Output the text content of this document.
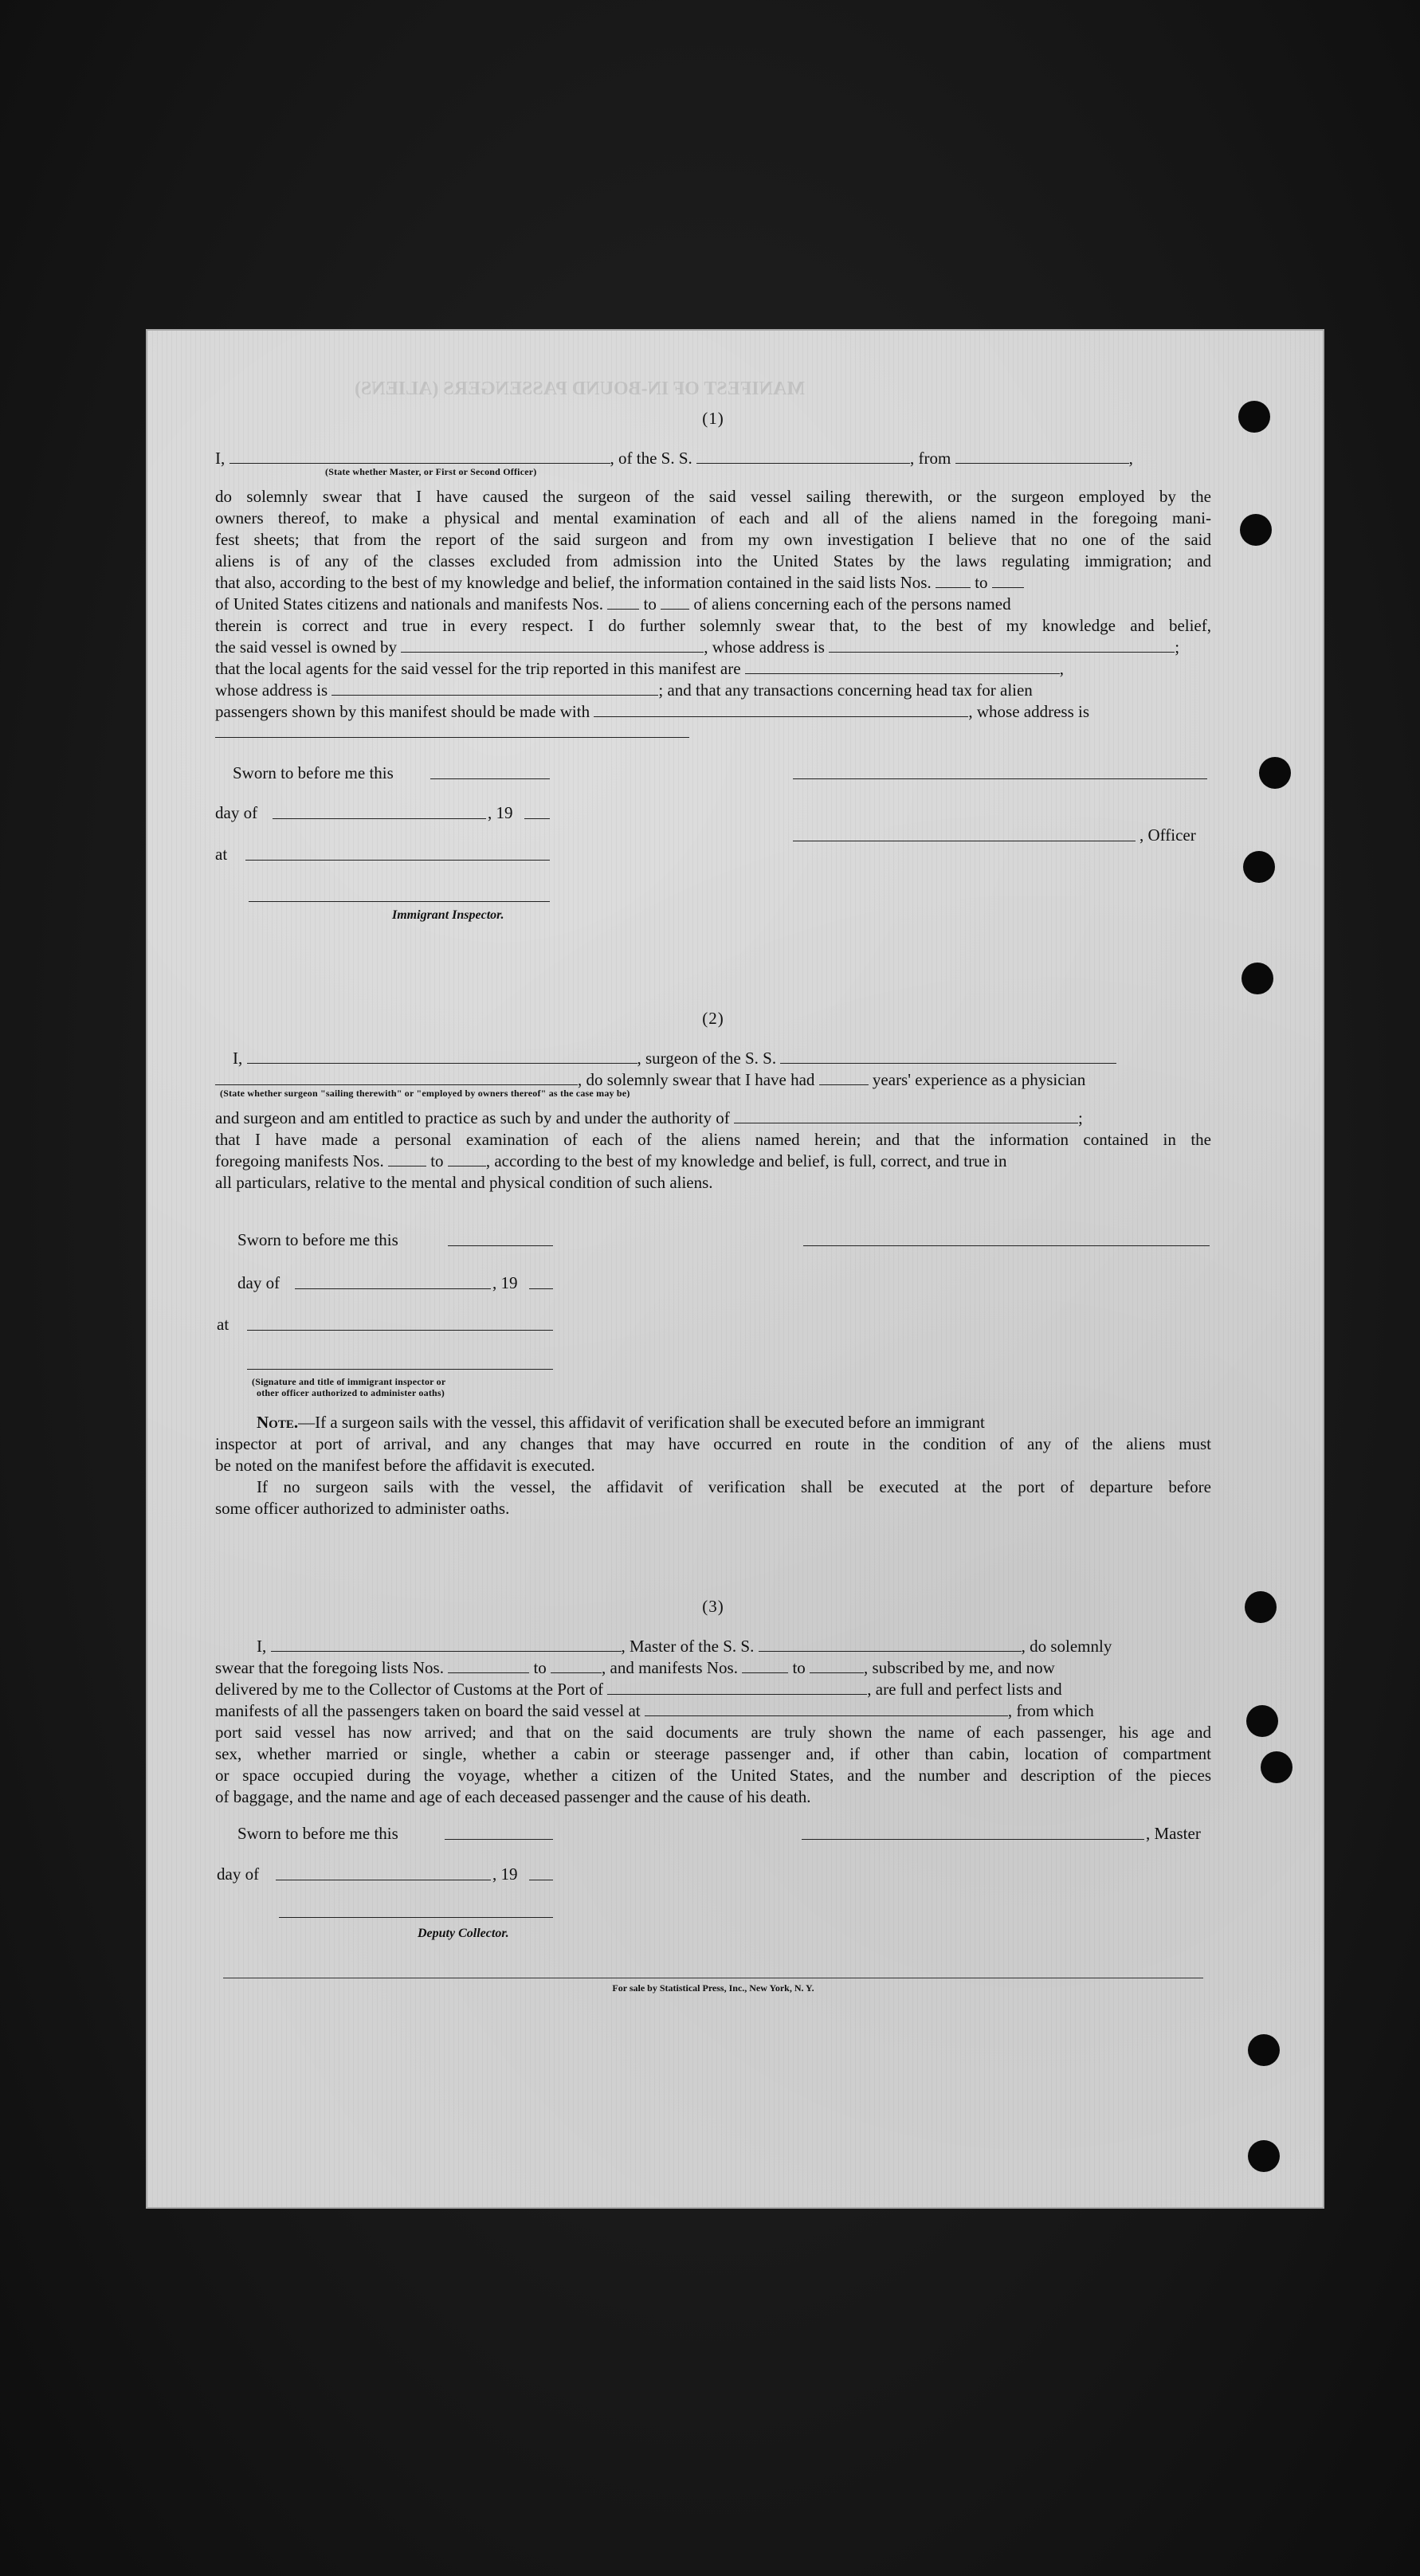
MANIFEST OF IN-BOUND PASSENGERS (ALIENS)
(1)
I,	, of the S. S.	, from	,
(State whether Master, or First or Second Officer)
do solemnly swear that I have caused the surgeon of the said vessel sailing therewith, or the surgeon employed by the
owners thereof, to make a physical and mental examination of each and all of the aliens named in the foregoing mani-
fest sheets; that from the report of the said surgeon and from my own investigation I believe that no one of the said
aliens is of any of the classes excluded from admission into the United States by the laws regulating immigration; and
that also, according to the best of my knowledge and belief, the information contained in the said lists Nos.	to
of United States citizens and nationals and manifests Nos. to of aliens concerning each of the persons named
therein is correct and true in every respect. I do further solemnly swear that, to the best of my knowledge and belief,
the said vessel is owned by	, whose address is	;
that the local agents for the said vessel for the trip reported in this manifest are	,
whose address is	; and that any transactions concerning head tax for alien
passengers shown by this manifest should be made with	, whose address is
Sworn to before me this
day of	, 19
at
Immigrant Inspector.
, Officer
(2)
I,	, surgeon of the S. S.
, do solemnly swear that I have had	years' experience as a physician
(State whether surgeon "sailing therewith" or "employed by owners thereof" as the case may be)
and surgeon and am entitled to practice as such by and under the authority of	;
that I have made a personal examination of each of the aliens named herein; and that the information contained in the
foregoing manifests Nos.	to	, according to the best of my knowledge and belief, is full, correct, and true in
all particulars, relative to the mental and physical condition of such aliens.
Sworn to before me this
day of	, 19
at
(Signature and title of immigrant inspector or
other officer authorized to administer oaths)
Note.—If a surgeon sails with the vessel, this affidavit of verification shall be executed before an immigrant
inspector at port of arrival, and any changes that may have occurred en route in the condition of any of the aliens must
be noted on the manifest before the affidavit is executed.
If no surgeon sails with the vessel, the affidavit of verification shall be executed at the port of departure before
some officer authorized to administer oaths.
(3)
I,	, Master of the S. S.	, do solemnly
swear that the foregoing lists Nos.	to	, and manifests Nos.	to	, subscribed by me, and now
delivered by me to the Collector of Customs at the Port of	, are full and perfect lists and
manifests of all the passengers taken on board the said vessel at	, from which
port said vessel has now arrived; and that on the said documents are truly shown the name of each passenger, his age and
sex, whether married or single, whether a cabin or steerage passenger and, if other than cabin, location of compartment
or space occupied during the voyage, whether a citizen of the United States, and the number and description of the pieces
of baggage, and the name and age of each deceased passenger and the cause of his death.
Sworn to before me this	, Master
day of	, 19
Deputy Collector.
For sale by Statistical Press, Inc., New York, N. Y.
